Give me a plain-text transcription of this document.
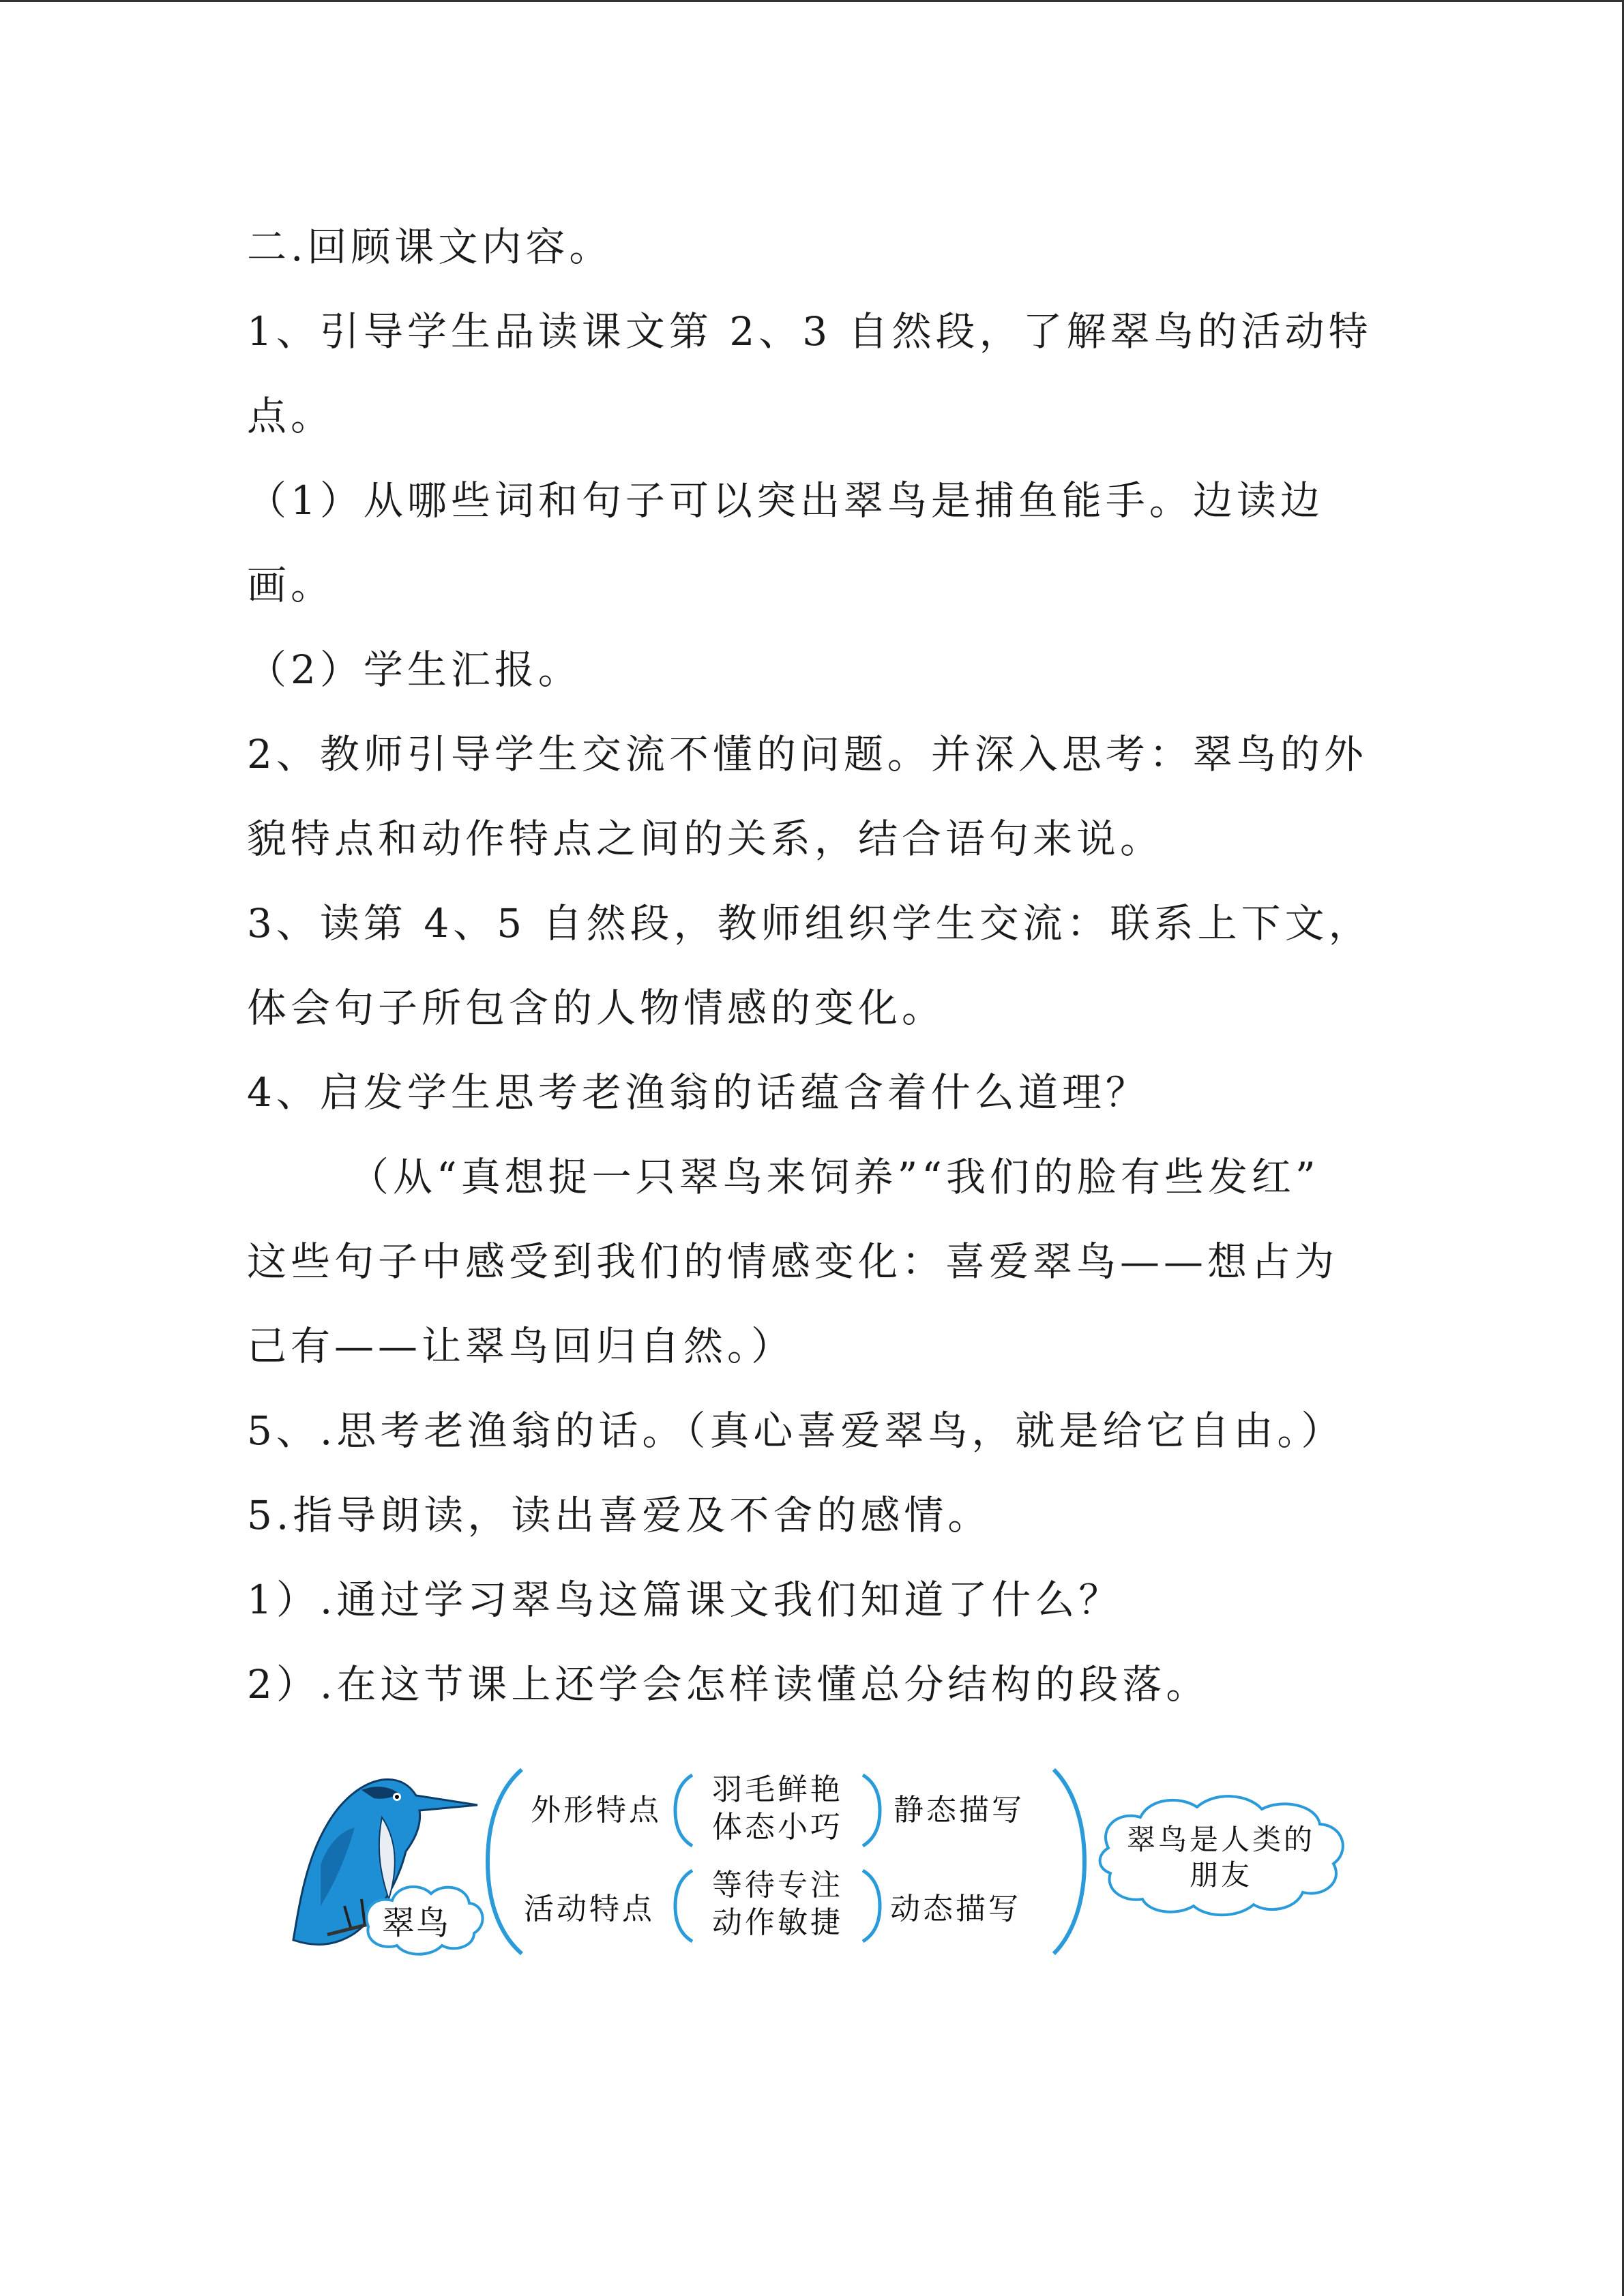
二.回顾课文内容。

1、引导学生品读课文第 2、3 自然段，了解翠鸟的活动特

点。

（1）从哪些词和句子可以突出翠鸟是捕鱼能手。边读边

画。

（2）学生汇报。

2、教师引导学生交流不懂的问题。并深入思考：翠鸟的外

貌特点和动作特点之间的关系，结合语句来说。

3、读第 4、5 自然段，教师组织学生交流：联系上下文，

体会句子所包含的人物情感的变化。

4、启发学生思考老渔翁的话蕴含着什么道理？

（从“真想捉一只翠鸟来饲养”“我们的脸有些发红”

这些句子中感受到我们的情感变化：喜爱翠鸟——想占为

己有——让翠鸟回归自然。）

5、.思考老渔翁的话。（真心喜爱翠鸟，就是给它自由。）

5.指导朗读，读出喜爱及不舍的感情。

1）.通过学习翠鸟这篇课文我们知道了什么？

2）.在这节课上还学会怎样读懂总分结构的段落。

翠鸟
外形特点
羽毛鲜艳
体态小巧	静态描写
活动特点
等待专注
动作敏捷	动态描写
翠鸟是人类的
朋友
